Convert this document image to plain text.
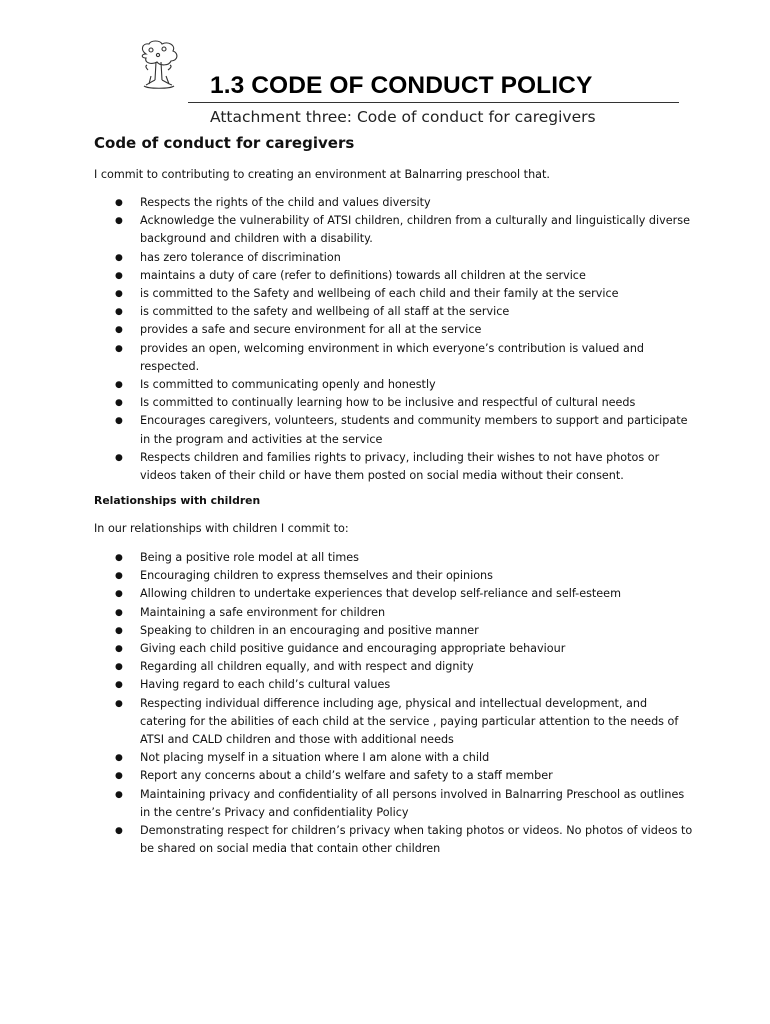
1.3 CODE OF CONDUCT POLICY
Attachment three: Code of conduct for caregivers
Code of conduct for caregivers

I commit to contributing to creating an environment at Balnarring preschool that.

● Respects the rights of the child and values diversity
● Acknowledge the vulnerability of ATSI children, children from a culturally and linguistically diverse background and children with a disability.
● has zero tolerance of discrimination
● maintains a duty of care (refer to definitions) towards all children at the service
● is committed to the Safety and wellbeing of each child and their family at the service
● is committed to the safety and wellbeing of all staff at the service
● provides a safe and secure environment for all at the service
● provides an open, welcoming environment in which everyone’s contribution is valued and respected.
● Is committed to communicating openly and honestly
● Is committed to continually learning how to be inclusive and respectful of cultural needs
● Encourages caregivers, volunteers, students and community members to support and participate in the program and activities at the service
● Respects children and families rights to privacy, including their wishes to not have photos or videos taken of their child or have them posted on social media without their consent.
Relationships with children

In our relationships with children I commit to:

● Being a positive role model at all times
● Encouraging children to express themselves and their opinions
● Allowing children to undertake experiences that develop self-reliance and self-esteem
● Maintaining a safe environment for children
● Speaking to children in an encouraging and positive manner
● Giving each child positive guidance and encouraging appropriate behaviour
● Regarding all children equally, and with respect and dignity
● Having regard to each child’s cultural values
● Respecting individual difference including age, physical and intellectual development, and catering for the abilities of each child at the service , paying particular attention to the needs of ATSI and CALD children and those with additional needs
● Not placing myself in a situation where I am alone with a child
● Report any concerns about a child’s welfare and safety to a staff member
● Maintaining privacy and confidentiality of all persons involved in Balnarring Preschool as outlines in the centre’s Privacy and confidentiality Policy
● Demonstrating respect for children’s privacy when taking photos or videos. No photos of videos to be shared on social media that contain other children
